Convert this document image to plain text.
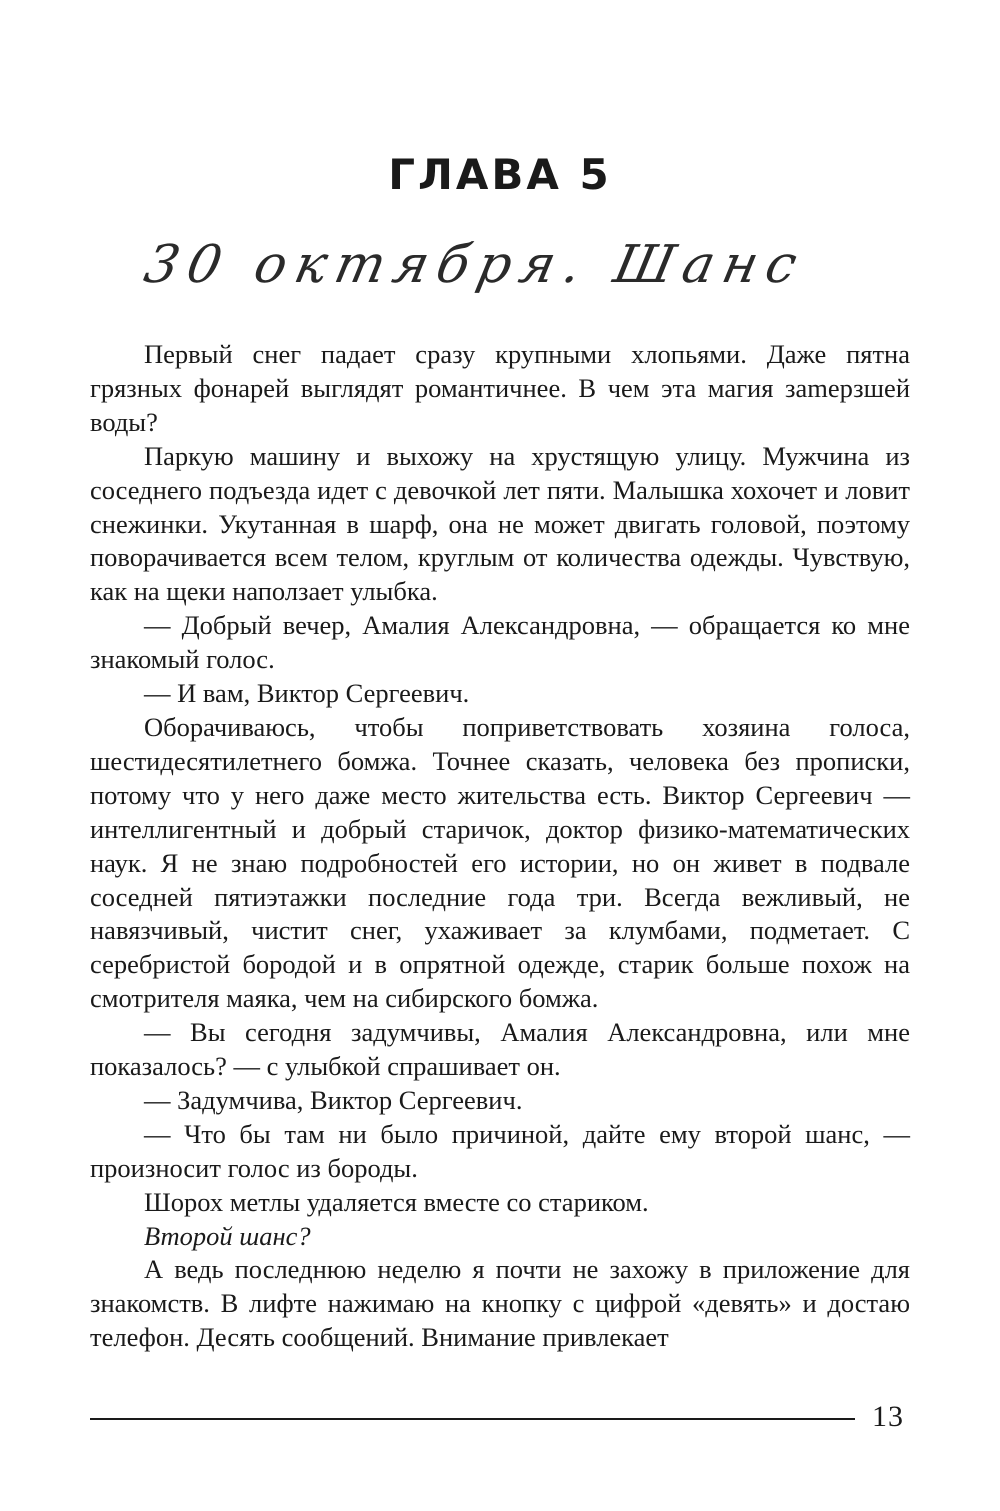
ГЛАВА 5
30 октября. Шанс

Первый снег падает сразу крупными хлопьями. Даже пятна грязных фонарей выглядят романтичнее. В чем эта магия заmерзшей воды?

Паркую машину и выхожу на хрустящую улицу. Мужчина из соседнего подъезда идет с девочкой лет пяти. Малышка хохочет и ловит снежинки. Укутанная в шарф, она не может двигать головой, поэтому поворачивается всем телом, круглым от количества одежды. Чувствую, как на щеки наползает улыбка.

— Добрый вечер, Амалия Александровна, — обращается ко мне знакомый голос.

— И вам, Виктор Сергеевич.

Оборачиваюсь, чтобы поприветствовать хозяина голоса, шестидесятилетнего бомжа. Точнее сказать, человека без прописки, потому что у него даже место жительства есть. Виктор Сергеевич — интеллигентный и добрый старичок, доктор физико-математических наук. Я не знаю подробностей его истории, но он живет в подвале соседней пятиэтажки последние года три. Всегда вежливый, не навязчивый, чистит снег, ухаживает за клумбами, подметает. С серебристой бородой и в опрятной одежде, старик больше похож на смотрителя маяка, чем на сибирского бомжа.

— Вы сегодня задумчивы, Амалия Александровна, или мне показалось? — с улыбкой спрашивает он.

— Задумчива, Виктор Сергеевич.

— Что бы там ни было причиной, дайте ему второй шанс, — произносит голос из бороды.

Шорох метлы удаляется вместе со стариком.

Второй шанс?

А ведь последнюю неделю я почти не захожу в приложение для знакомств. В лифте нажимаю на кнопку с цифрой «девять» и достаю телефон. Десять сообщений. Внимание привлекает

13
